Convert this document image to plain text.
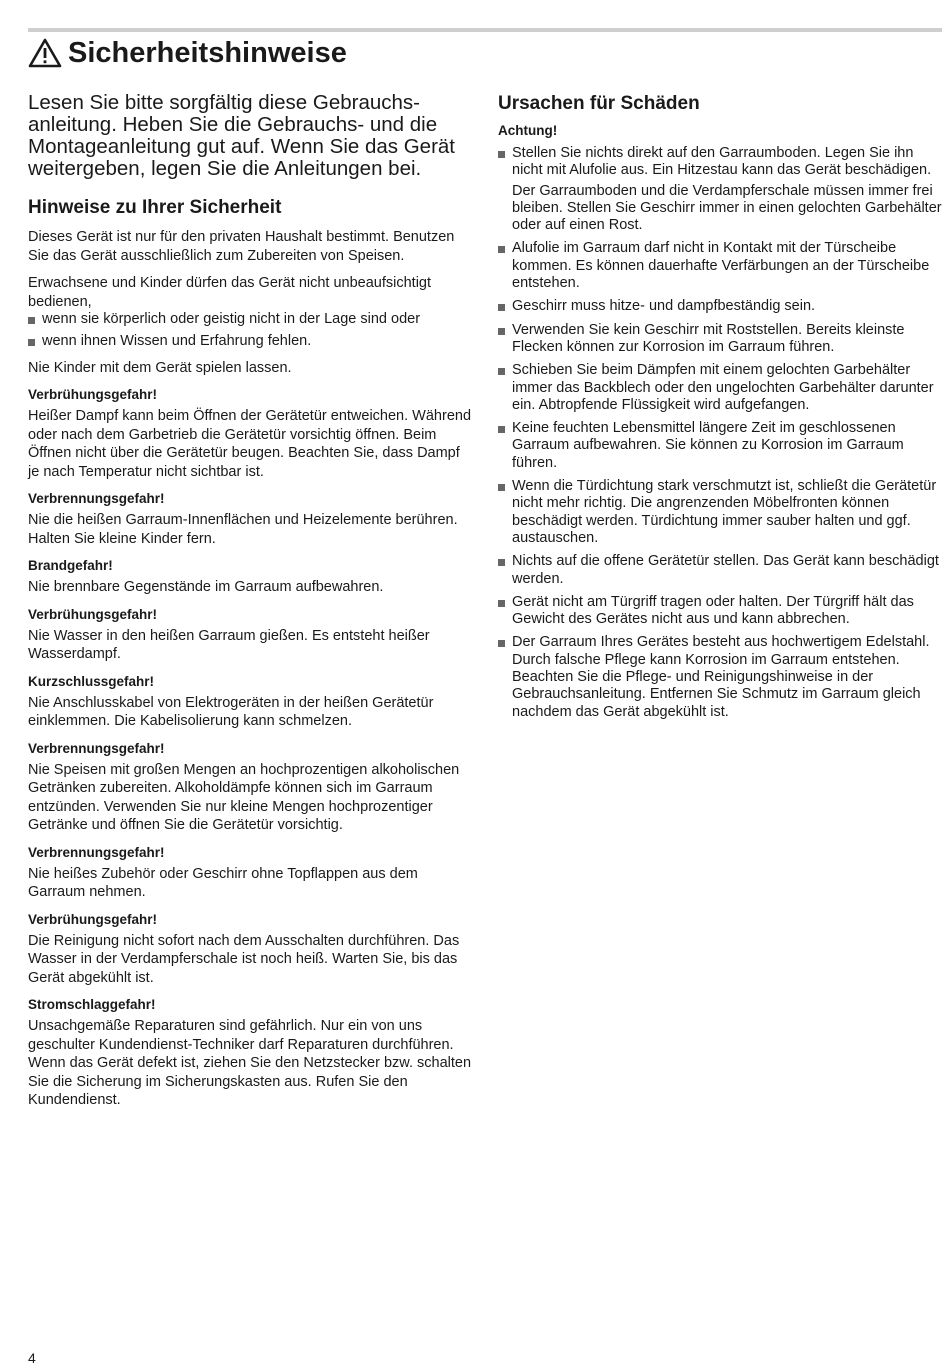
Sicherheitshinweise

Lesen Sie bitte sorgfältig diese Gebrauchs-anleitung. Heben Sie die Gebrauchs- und die Montageanleitung gut auf. Wenn Sie das Gerät weitergeben, legen Sie die Anleitungen bei.

Hinweise zu Ihrer Sicherheit

Dieses Gerät ist nur für den privaten Haushalt bestimmt. Benutzen Sie das Gerät ausschließlich zum Zubereiten von Speisen.

Erwachsene und Kinder dürfen das Gerät nicht unbeaufsichtigt bedienen,

wenn sie körperlich oder geistig nicht in der Lage sind oder
wenn ihnen Wissen und Erfahrung fehlen.

Nie Kinder mit dem Gerät spielen lassen.

Verbrühungsgefahr!

Heißer Dampf kann beim Öffnen der Gerätetür entweichen. Während oder nach dem Garbetrieb die Gerätetür vorsichtig öffnen. Beim Öffnen nicht über die Gerätetür beugen. Beachten Sie, dass Dampf je nach Temperatur nicht sichtbar ist.

Verbrennungsgefahr!

Nie die heißen Garraum-Innenflächen und Heizelemente berühren. Halten Sie kleine Kinder fern.

Brandgefahr!

Nie brennbare Gegenstände im Garraum aufbewahren.

Verbrühungsgefahr!

Nie Wasser in den heißen Garraum gießen. Es entsteht heißer Wasserdampf.

Kurzschlussgefahr!

Nie Anschlusskabel von Elektrogeräten in der heißen Gerätetür einklemmen. Die Kabelisolierung kann schmelzen.

Verbrennungsgefahr!

Nie Speisen mit großen Mengen an hochprozentigen alkoholischen Getränken zubereiten. Alkoholdämpfe können sich im Garraum entzünden. Verwenden Sie nur kleine Mengen hochprozentiger Getränke und öffnen Sie die Gerätetür vorsichtig.

Verbrennungsgefahr!

Nie heißes Zubehör oder Geschirr ohne Topflappen aus dem Garraum nehmen.

Verbrühungsgefahr!

Die Reinigung nicht sofort nach dem Ausschalten durchführen. Das Wasser in der Verdampferschale ist noch heiß. Warten Sie, bis das Gerät abgekühlt ist.

Stromschlaggefahr!

Unsachgemäße Reparaturen sind gefährlich. Nur ein von uns geschulter Kundendienst-Techniker darf Reparaturen durchführen. Wenn das Gerät defekt ist, ziehen Sie den Netzstecker bzw. schalten Sie die Sicherung im Sicherungskasten aus. Rufen Sie den Kundendienst.

Ursachen für Schäden
Achtung!
Stellen Sie nichts direkt auf den Garraumboden. Legen Sie ihn nicht mit Alufolie aus. Ein Hitzestau kann das Gerät beschädigen.
Der Garraumboden und die Verdampferschale müssen immer frei bleiben. Stellen Sie Geschirr immer in einen gelochten Garbehälter oder auf einen Rost.
Alufolie im Garraum darf nicht in Kontakt mit der Türscheibe kommen. Es können dauerhafte Verfärbungen an der Türscheibe entstehen.
Geschirr muss hitze- und dampfbeständig sein.
Verwenden Sie kein Geschirr mit Roststellen. Bereits kleinste Flecken können zur Korrosion im Garraum führen.
Schieben Sie beim Dämpfen mit einem gelochten Garbehälter immer das Backblech oder den ungelochten Garbehälter darunter ein. Abtropfende Flüssigkeit wird aufgefangen.
Keine feuchten Lebensmittel längere Zeit im geschlossenen Garraum aufbewahren. Sie können zu Korrosion im Garraum führen.
Wenn die Türdichtung stark verschmutzt ist, schließt die Gerätetür nicht mehr richtig. Die angrenzenden Möbelfronten können beschädigt werden. Türdichtung immer sauber halten und ggf. austauschen.
Nichts auf die offene Gerätetür stellen. Das Gerät kann beschädigt werden.
Gerät nicht am Türgriff tragen oder halten. Der Türgriff hält das Gewicht des Gerätes nicht aus und kann abbrechen.
Der Garraum Ihres Gerätes besteht aus hochwertigem Edelstahl. Durch falsche Pflege kann Korrosion im Garraum entstehen. Beachten Sie die Pflege- und Reinigungshinweise in der Gebrauchsanleitung. Entfernen Sie Schmutz im Garraum gleich nachdem das Gerät abgekühlt ist.
4
